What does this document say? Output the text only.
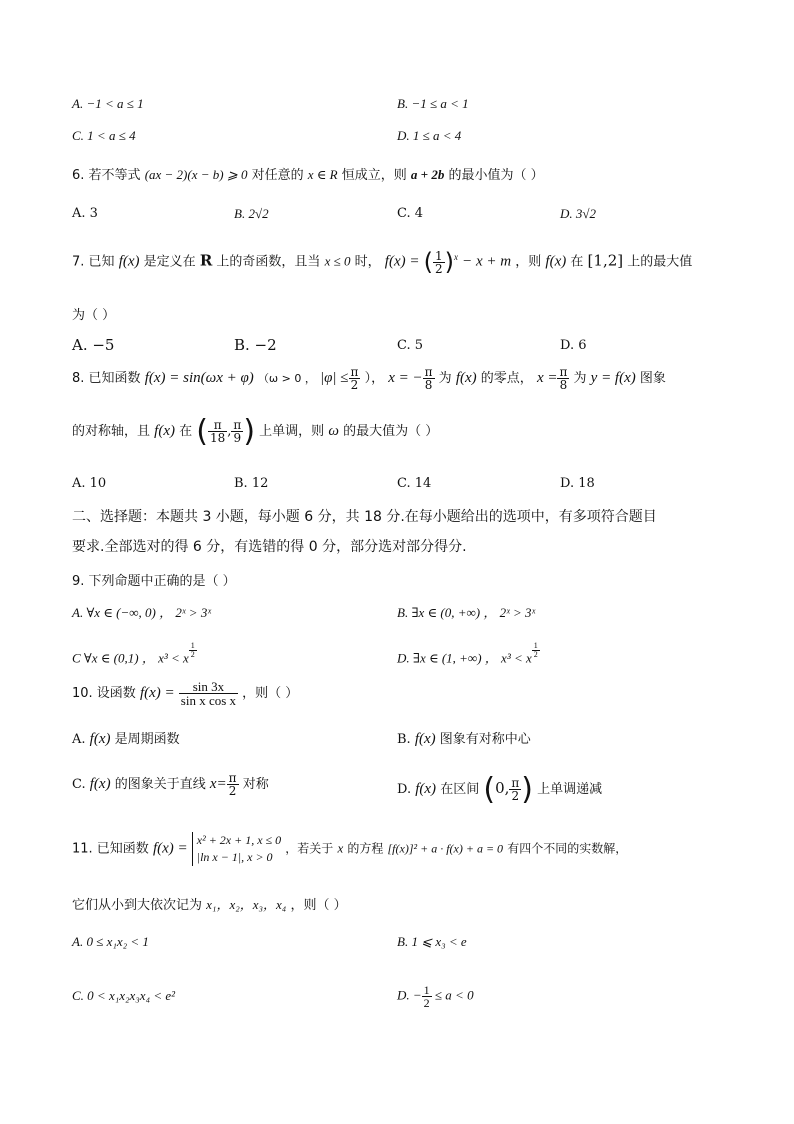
A. −1 < a ≤ 1	B. −1 ≤ a < 1
C. 1 < a ≤ 4	D. 1 ≤ a < 4
6. 若不等式 (ax − 2)(x − b) ⩾ 0 对任意的 x ∈ R 恒成立，则 a + 2b 的最小值为（ ）
A. 3	B. 2√2	C. 4	D. 3√2
7. 已知 f(x) 是定义在 R 上的奇函数，且当 x ≤ 0 时， f(x) = ( $\frac{1}{2} )^x - x + m$ ，则 f(x) 在 [1,2] 上的最大值
为（ ）
A. −5	B. −2	C. 5	D. 6
8. 已知函数 f(x) = sin(ωx + φ) （ω > 0 ， $|\varphi| \le \frac{\pi}{2}$ ）， x = − $\frac{\pi}{8}$ 为 f(x) 的零点， $x = \frac{\pi}{8}$ 为 y = f(x) 图象
的对称轴，且 f(x) 在 ( $\frac{\pi}{18}$ , $\frac{\pi}{9}$ ) 上单调，则 ω 的最大值为（ ）
A. 10	B. 12	C. 14	D. 18
二、选择题：本题共 3 小题，每小题 6 分，共 18 分.在每小题给出的选项中，有多项符合题目
要求.全部选对的得 6 分，有选错的得 0 分，部分选对部分得分.
9. 下列命题中正确的是（ ）
A. ∀x ∈ (−∞, 0) ， 2ˣ > 3ˣ	B. ∃x ∈ (0, +∞) ， 2ˣ > 3ˣ
C ∀x ∈ (0,1) ， x³ < x $^{\frac{1}{2}}$	D. ∃x ∈ (1, +∞) ， x³ < x $^{\frac{1}{2}}$
10. 设函数 $f(x) = \frac{\sin 3x}{\text{sin x cos x}}$ ，则（ ）
A. f(x) 是周期函数	B. f(x) 图象有对称中心
C. f(x) 的图象关于直线 $x= \frac{\pi}{2}$ 对称	D. f(x) 在区间 (0, $\frac{\pi}{2}$ ) 上单调递减
11. 已知函数 f(x) =
x² + 2x + 1, x ≤ 0
|ln x − 1|, x > 0
，若关于 x 的方程 [f(x)]² + a · f(x) + a = 0 有四个不同的实数解，
它们从小到大依次记为 x₁，x₂，x₃，x₄ ，则（ ）
A. 0 ≤ x₁x₂ < 1	B. 1 ⩽ x₃ < e
C. 0 < x₁x₂x₃x₄ < e²	D. − $\frac{1}{2} \le a < 0$
